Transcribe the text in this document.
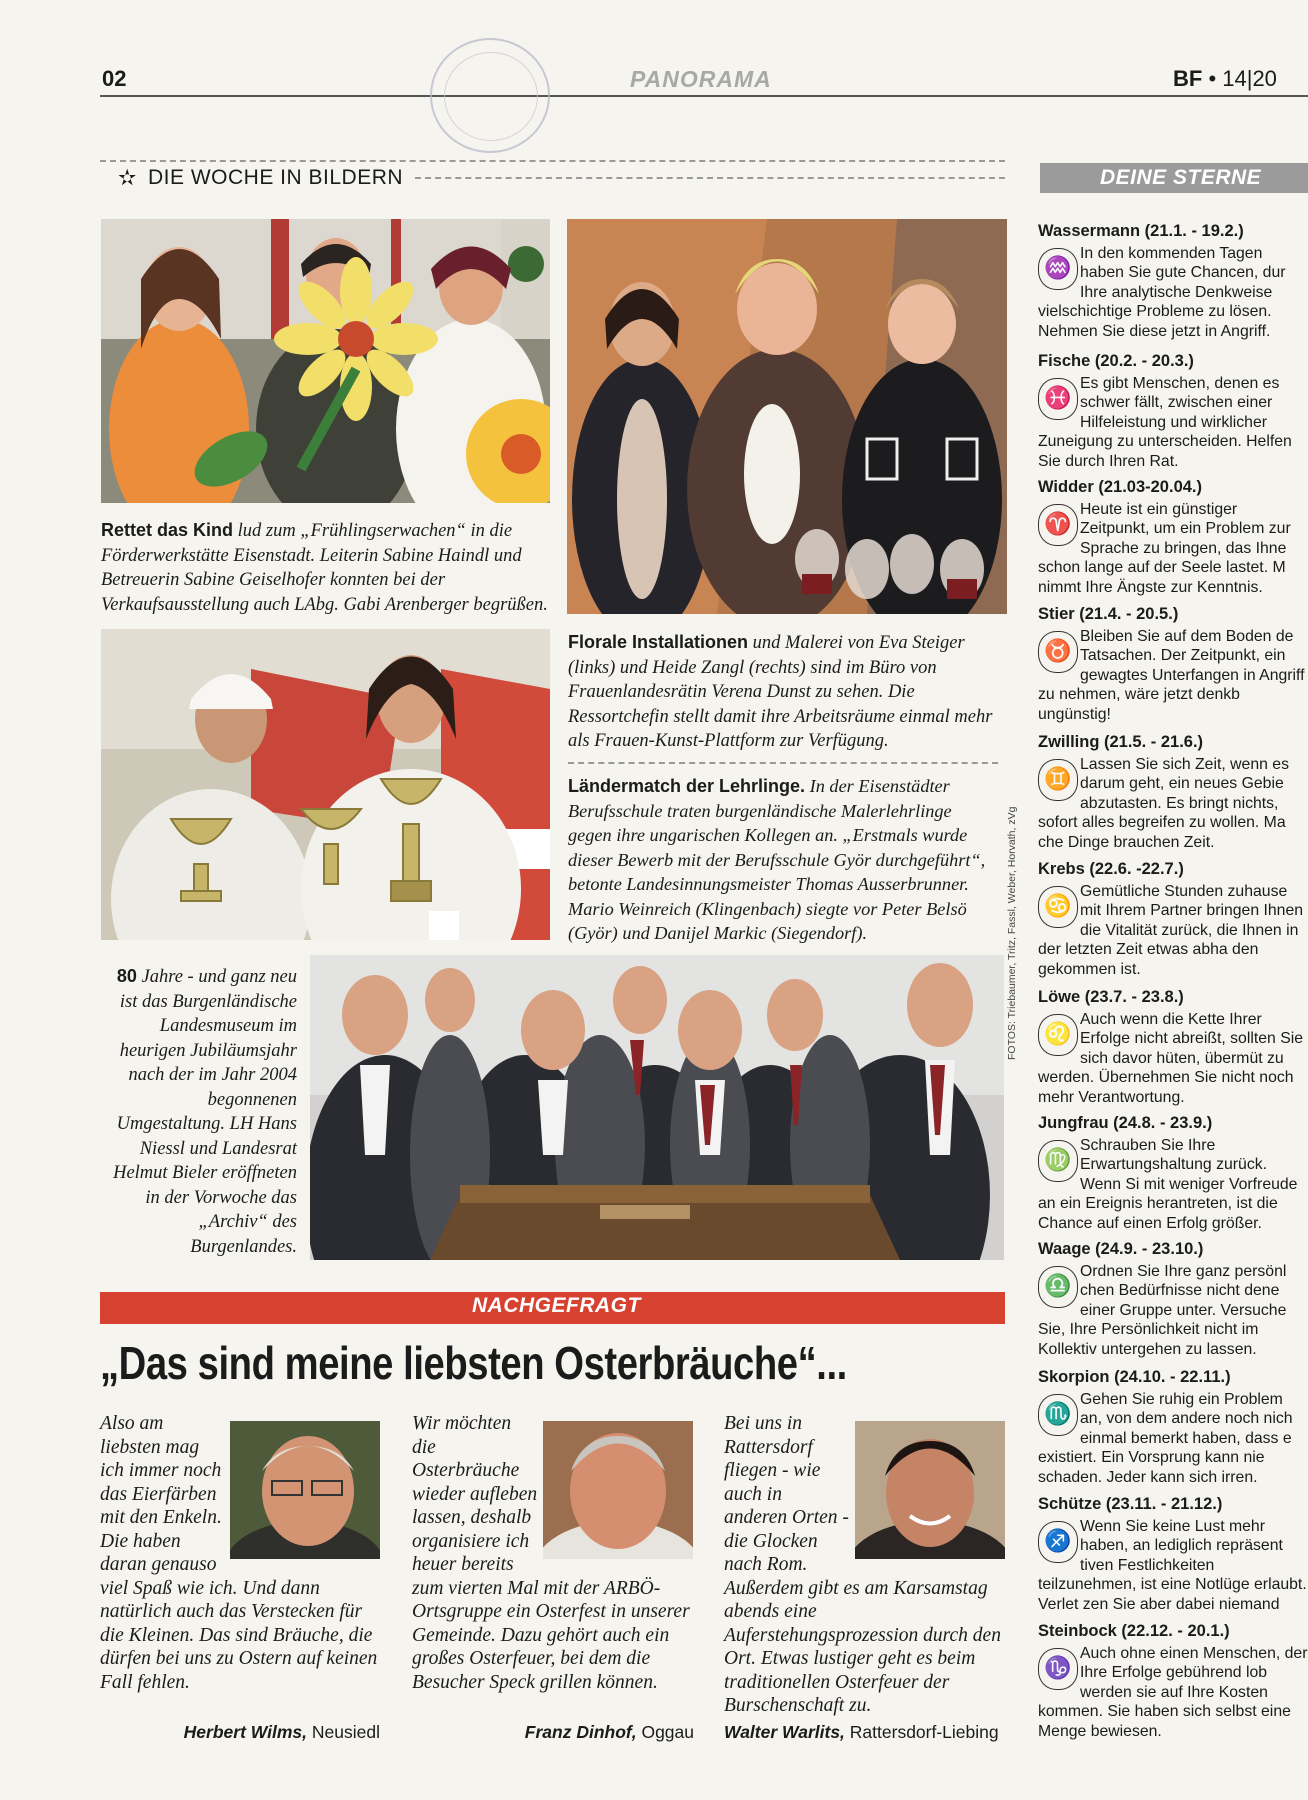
02	PANORAMA	BF • 14|20
✫ DIE WOCHE IN BILDERN
Rettet das Kind lud zum „Frühlingserwachen“ in die Förderwerkstätte Eisenstadt. Leiterin Sabine Haindl und Betreuerin Sabine Geiselhofer konnten bei der Verkaufsausstellung auch LAbg. Gabi Arenberger begrüßen.
Florale Installationen und Malerei von Eva Steiger (links) und Heide Zangl (rechts) sind im Büro von Frauenlandesrätin Verena Dunst zu sehen. Die Ressortchefin stellt damit ihre Arbeitsräume einmal mehr als Frauen-Kunst-Plattform zur Verfügung.
Ländermatch der Lehrlinge. In der Eisenstädter Berufsschule traten burgenländische Malerlehrlinge gegen ihre ungarischen Kollegen an. „Erstmals wurde dieser Bewerb mit der Berufsschule Györ durchgeführt“, betonte Landesinnungsmeister Thomas Ausserbrunner. Mario Weinreich (Klingenbach) siegte vor Peter Belsö (Györ) und Danijel Markic (Siegendorf).
80 Jahre - und ganz neu ist das Burgenländische Landesmuseum im heurigen Jubiläumsjahr nach der im Jahr 2004 begonnenen Umgestaltung. LH Hans Niessl und Landesrat Helmut Bieler eröffneten in der Vorwoche das „Archiv“ des Burgenlandes.
FOTOS: Triebaumer, Tritz, Fassl, Weber, Horvath, zVg
DEINE STERNE
Wassermann (21.1. - 19.2.)
♒
In den kommenden Tagen haben Sie gute Chancen, dur Ihre analytische Denkweise vielschichtige Probleme zu lösen. Nehmen Sie diese jetzt in Angriff.
Fische (20.2. - 20.3.)
♓
Es gibt Menschen, denen es schwer fällt, zwischen einer Hilfeleistung und wirklicher Zuneigung zu unterscheiden. Helfen Sie durch Ihren Rat.
Widder (21.03-20.04.)
♈
Heute ist ein günstiger Zeitpunkt, um ein Problem zur Sprache zu bringen, das Ihne schon lange auf der Seele lastet. M nimmt Ihre Ängste zur Kenntnis.
Stier (21.4. - 20.5.)
♉
Bleiben Sie auf dem Boden de Tatsachen. Der Zeitpunkt, ein gewagtes Unterfangen in Angriff zu nehmen, wäre jetzt denkb ungünstig!
Zwilling (21.5. - 21.6.)
♊
Lassen Sie sich Zeit, wenn es darum geht, ein neues Gebie abzutasten. Es bringt nichts, sofort alles begreifen zu wollen. Ma che Dinge brauchen Zeit.
Krebs (22.6. -22.7.)
♋
Gemütliche Stunden zuhause mit Ihrem Partner bringen Ihnen die Vitalität zurück, die Ihnen in der letzten Zeit etwas abha den gekommen ist.
Löwe (23.7. - 23.8.)
♌
Auch wenn die Kette Ihrer Erfolge nicht abreißt, sollten Sie sich davor hüten, übermüt zu werden. Übernehmen Sie nicht noch mehr Verantwortung.
Jungfrau (24.8. - 23.9.)
♍
Schrauben Sie Ihre Erwartungshaltung zurück. Wenn Si mit weniger Vorfreude an ein Ereignis herantreten, ist die Chance auf einen Erfolg größer.
Waage (24.9. - 23.10.)
♎
Ordnen Sie Ihre ganz persönl chen Bedürfnisse nicht dene einer Gruppe unter. Versuche Sie, Ihre Persönlichkeit nicht im Kollektiv untergehen zu lassen.
Skorpion (24.10. - 22.11.)
♏
Gehen Sie ruhig ein Problem an, von dem andere noch nich einmal bemerkt haben, dass e existiert. Ein Vorsprung kann nie schaden. Jeder kann sich irren.
Schütze (23.11. - 21.12.)
♐
Wenn Sie keine Lust mehr haben, an lediglich repräsent tiven Festlichkeiten teilzunehmen, ist eine Notlüge erlaubt. Verlet zen Sie aber dabei niemand
Steinbock (22.12. - 20.1.)
♑
Auch ohne einen Menschen, der Ihre Erfolge gebührend lob werden sie auf Ihre Kosten kommen. Sie haben sich selbst eine Menge bewiesen.
NACHGEFRAGT
„Das sind meine liebsten Osterbräuche“...
Also am liebsten mag ich immer noch das Eierfärben mit den Enkeln. Die haben daran genauso viel Spaß wie ich. Und dann natürlich auch das Verstecken für die Kleinen. Das sind Bräuche, die dürfen bei uns zu Ostern auf keinen Fall fehlen.
Herbert Wilms, Neusiedl
Wir möchten die Osterbräuche wieder aufleben lassen, deshalb organisiere ich heuer bereits zum vierten Mal mit der ARBÖ-Ortsgruppe ein Osterfest in unserer Gemeinde. Dazu gehört auch ein großes Osterfeuer, bei dem die Besucher Speck grillen können.
Franz Dinhof, Oggau
Bei uns in Rattersdorf fliegen - wie auch in anderen Orten - die Glocken nach Rom. Außerdem gibt es am Karsamstag abends eine Auferstehungsprozession durch den Ort. Etwas lustiger geht es beim traditionellen Osterfeuer der Burschenschaft zu.
Walter Warlits, Rattersdorf-Liebing
